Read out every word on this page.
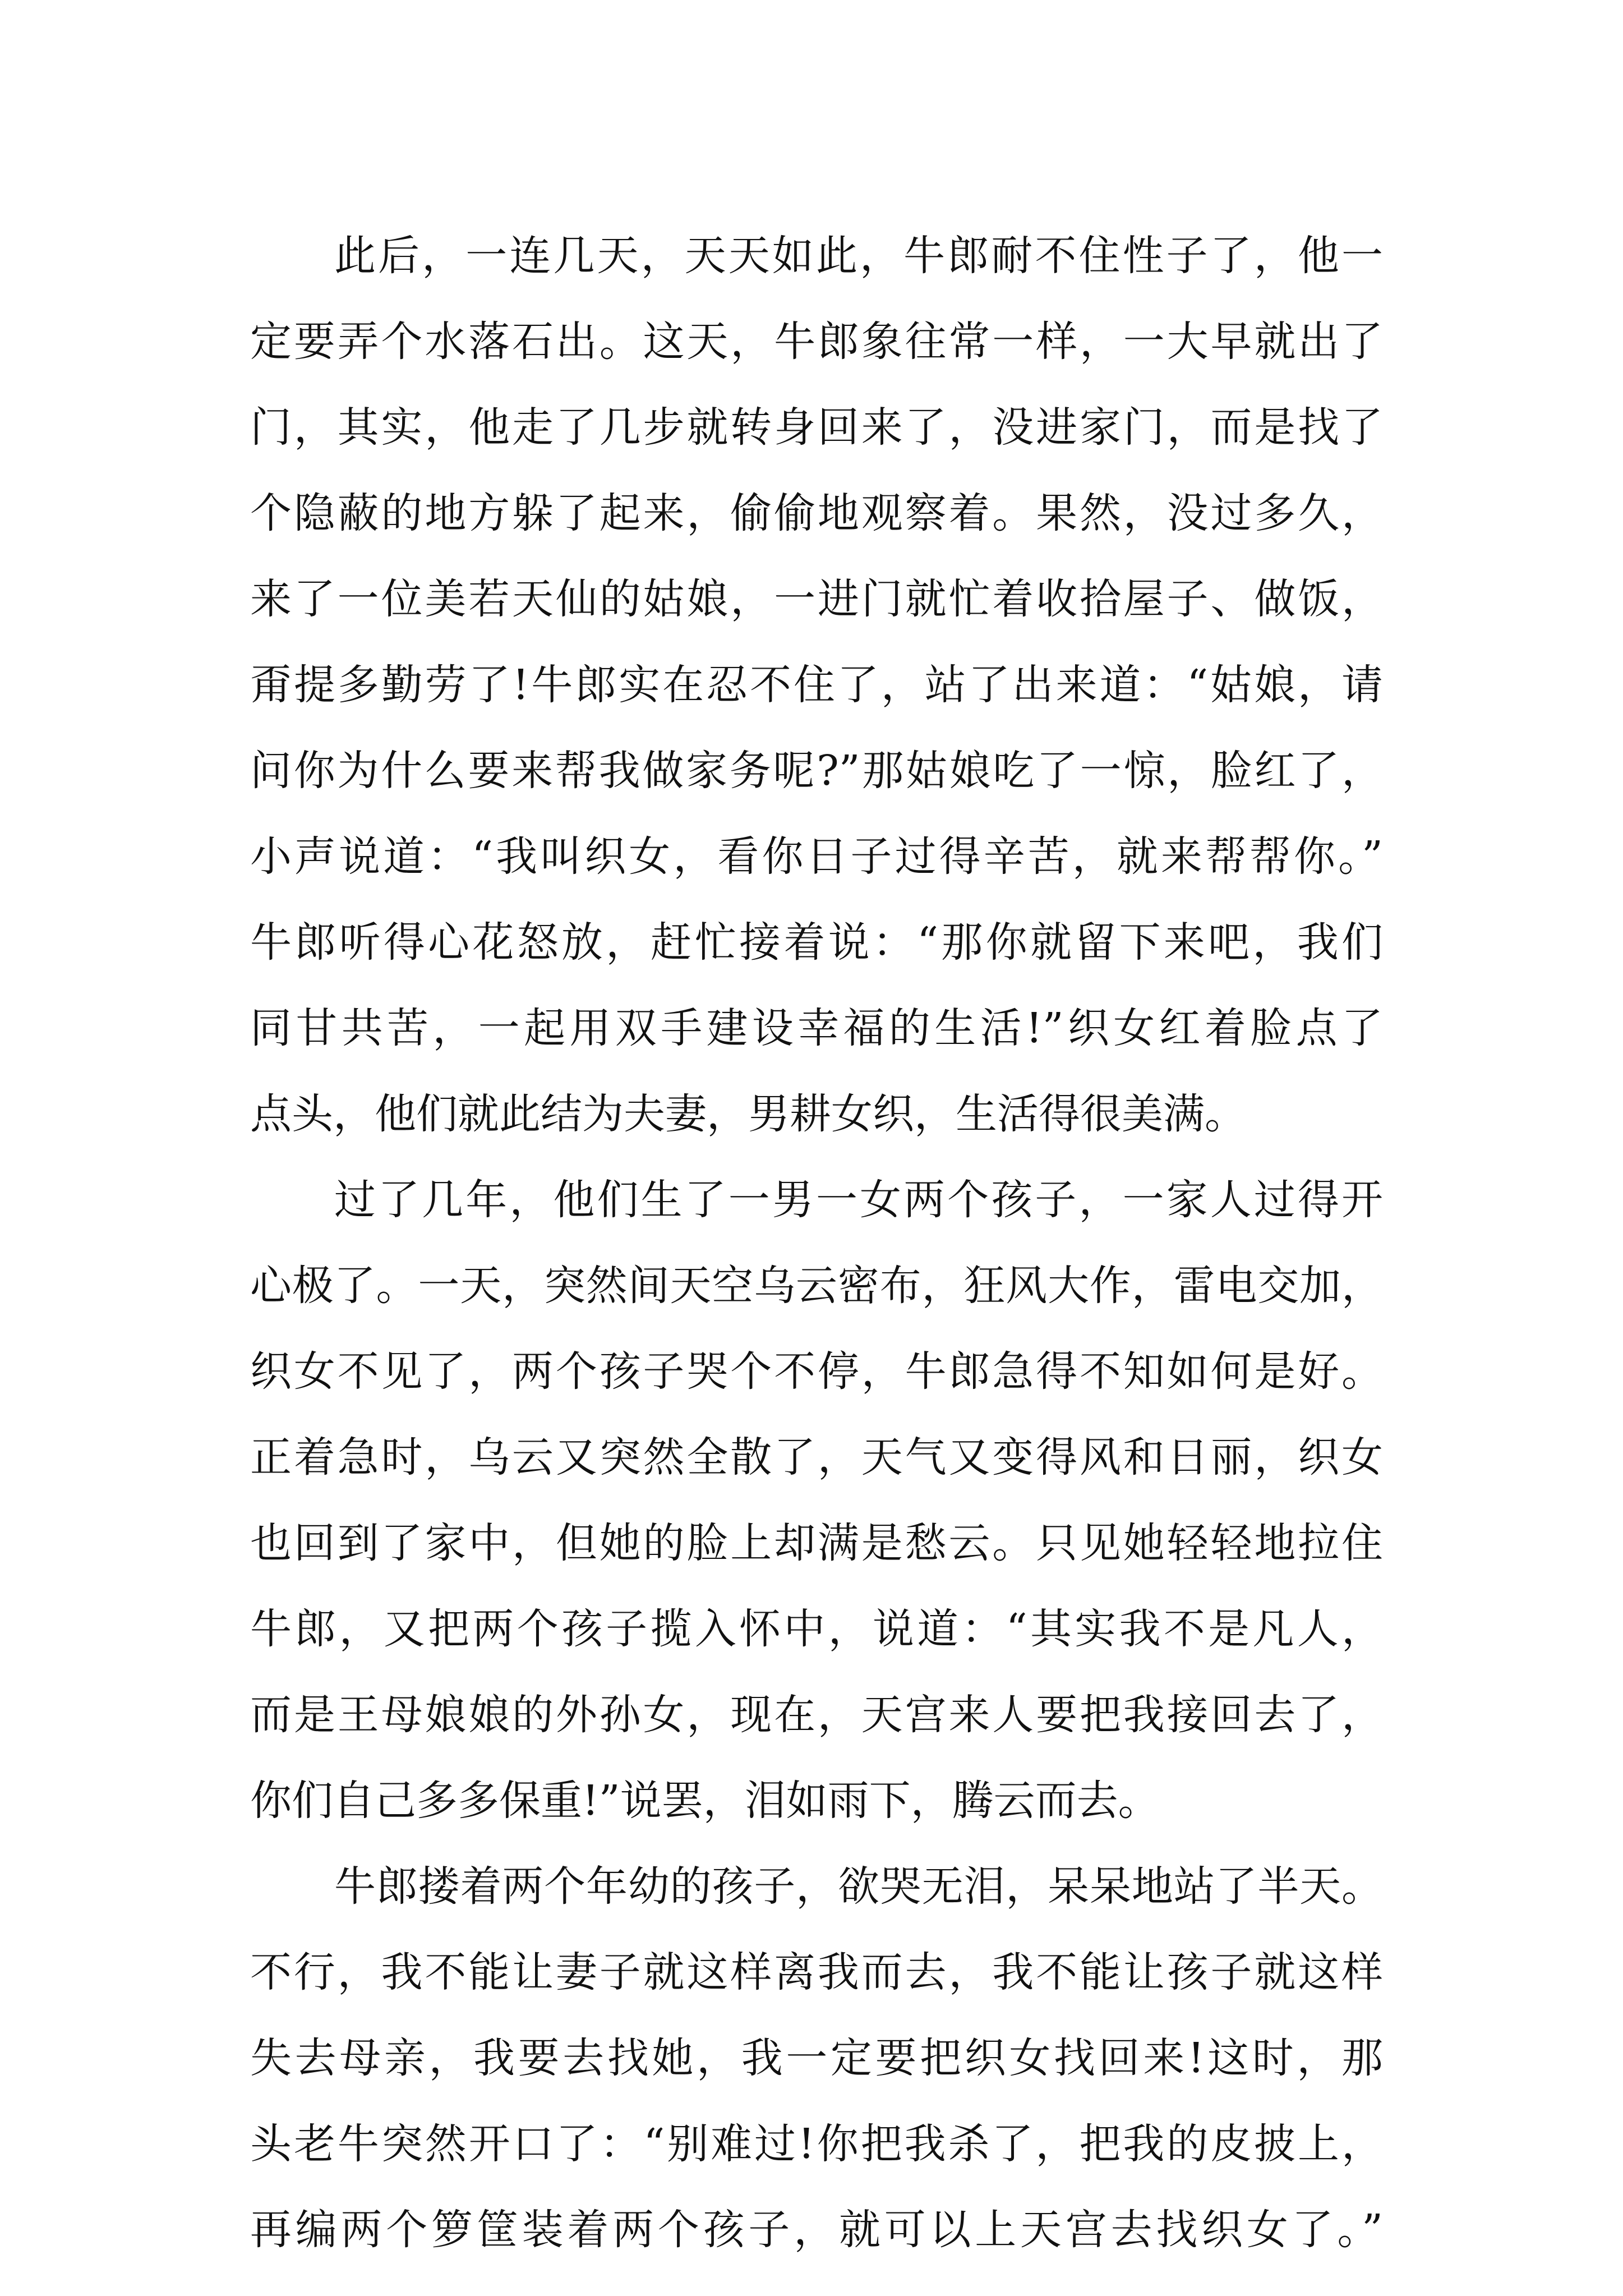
此后，一连几天，天天如此，牛郎耐不住性子了，他一
定要弄个水落石出。这天，牛郎象往常一样，一大早就出了
门，其实，他走了几步就转身回来了，没进家门，而是找了
个隐蔽的地方躲了起来，偷偷地观察着。果然，没过多久，
来了一位美若天仙的姑娘，一进门就忙着收拾屋子、做饭，
甭提多勤劳了!牛郎实在忍不住了，站了出来道：“姑娘，请
问你为什么要来帮我做家务呢?”那姑娘吃了一惊，脸红了，
小声说道：“我叫织女，看你日子过得辛苦，就来帮帮你。”
牛郎听得心花怒放，赶忙接着说：“那你就留下来吧，我们
同甘共苦，一起用双手建设幸福的生活!”织女红着脸点了
点头，他们就此结为夫妻，男耕女织，生活得很美满。
过了几年，他们生了一男一女两个孩子，一家人过得开
心极了。一天，突然间天空乌云密布，狂风大作，雷电交加，
织女不见了，两个孩子哭个不停，牛郎急得不知如何是好。
正着急时，乌云又突然全散了，天气又变得风和日丽，织女
也回到了家中，但她的脸上却满是愁云。只见她轻轻地拉住
牛郎，又把两个孩子揽入怀中，说道：“其实我不是凡人，
而是王母娘娘的外孙女，现在，天宫来人要把我接回去了，
你们自己多多保重!”说罢，泪如雨下，腾云而去。
牛郎搂着两个年幼的孩子，欲哭无泪，呆呆地站了半天。
不行，我不能让妻子就这样离我而去，我不能让孩子就这样
失去母亲，我要去找她，我一定要把织女找回来!这时，那
头老牛突然开口了：“别难过!你把我杀了，把我的皮披上，
再编两个箩筐装着两个孩子，就可以上天宫去找织女了。”
